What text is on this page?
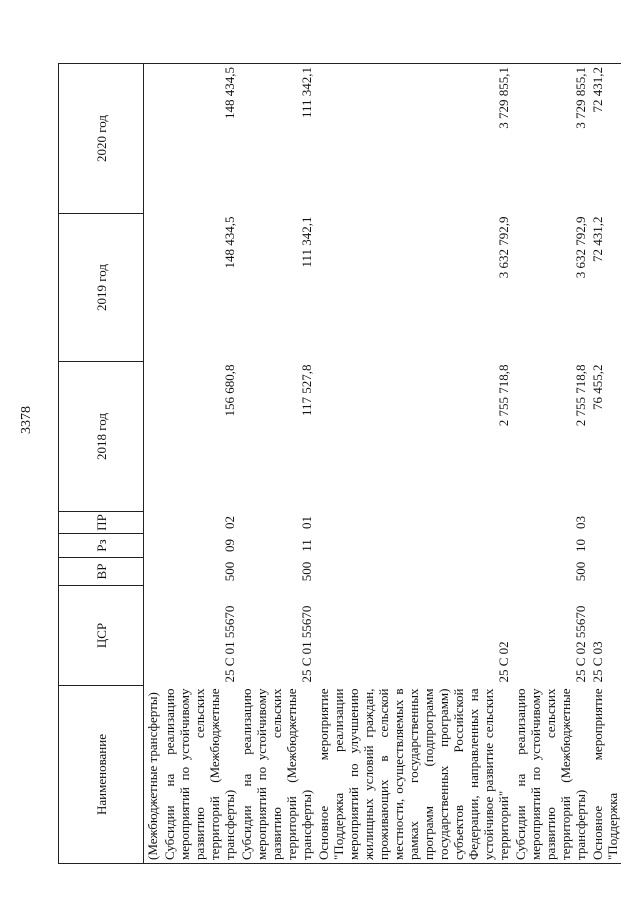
3378
Наименование	ЦСР	ВР	Рз	ПР	2018 год	2019 год	2020 год
(Межбюджетные трансферты)							
Субсидии на реализацию мероприятий по устойчивому развитию сельских территорий (Межбюджетные трансферты)	25 С 01 55670	500	09	02	156 680,8	148 434,5	148 434,5
Субсидии на реализацию мероприятий по устойчивому развитию сельских территорий (Межбюджетные трансферты)	25 С 01 55670	500	11	01	117 527,8	111 342,1	111 342,1
Основное мероприятие "Поддержка реализации мероприятий по улучшению жилищных условий граждан, проживающих в сельской местности, осуществляемых в рамках государственных программ (подпрограмм государственных программ) субъектов Российской Федерации, направленных на устойчивое развитие сельских территорий"	25 С 02				2 755 718,8	3 632 792,9	3 729 855,1
Субсидии на реализацию мероприятий по устойчивому развитию сельских территорий (Межбюджетные трансферты)	25 С 02 55670	500	10	03	2 755 718,8	3 632 792,9	3 729 855,1
Основное мероприятие "Поддержка	25 С 03				76 455,2	72 431,2	72 431,2
